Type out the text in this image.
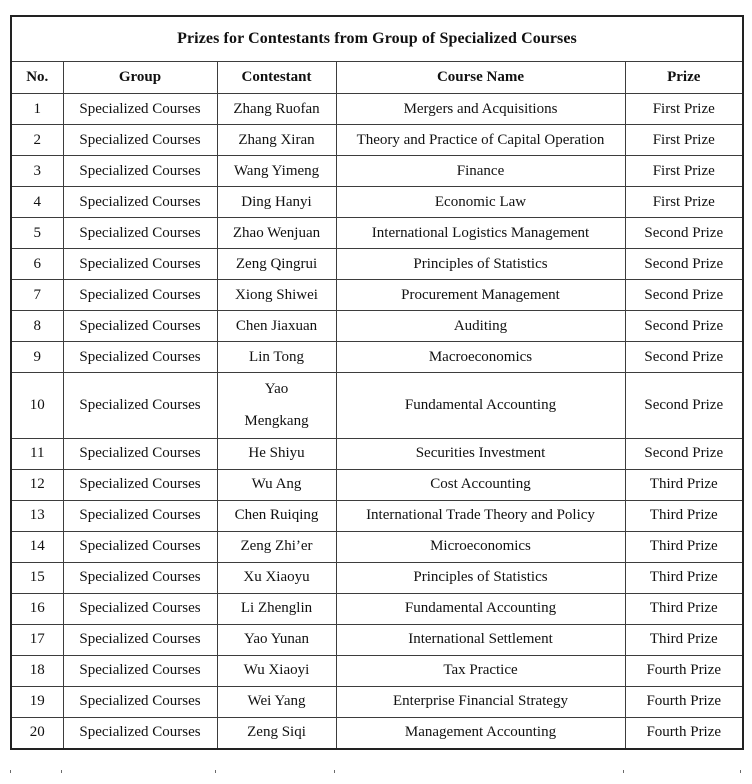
Prizes for Contestants from Group of Specialized Courses				
No.	Group	Contestant	Course Name	Prize
1	Specialized Courses	Zhang Ruofan	Mergers and Acquisitions	First Prize
2	Specialized Courses	Zhang Xiran	Theory and Practice of Capital Operation	First Prize
3	Specialized Courses	Wang Yimeng	Finance	First Prize
4	Specialized Courses	Ding Hanyi	Economic Law	First Prize
5	Specialized Courses	Zhao Wenjuan	International Logistics Management	Second Prize
6	Specialized Courses	Zeng Qingrui	Principles of Statistics	Second Prize
7	Specialized Courses	Xiong Shiwei	Procurement Management	Second Prize
8	Specialized Courses	Chen Jiaxuan	Auditing	Second Prize
9	Specialized Courses	Lin Tong	Macroeconomics	Second Prize
10	Specialized Courses	Yao Mengkang	Fundamental Accounting	Second Prize
11	Specialized Courses	He Shiyu	Securities Investment	Second Prize
12	Specialized Courses	Wu Ang	Cost Accounting	Third Prize
13	Specialized Courses	Chen Ruiqing	International Trade Theory and Policy	Third Prize
14	Specialized Courses	Zeng Zhi’er	Microeconomics	Third Prize
15	Specialized Courses	Xu Xiaoyu	Principles of Statistics	Third Prize
16	Specialized Courses	Li Zhenglin	Fundamental Accounting	Third Prize
17	Specialized Courses	Yao Yunan	International Settlement	Third Prize
18	Specialized Courses	Wu Xiaoyi	Tax Practice	Fourth Prize
19	Specialized Courses	Wei Yang	Enterprise Financial Strategy	Fourth Prize
20	Specialized Courses	Zeng Siqi	Management Accounting	Fourth Prize
